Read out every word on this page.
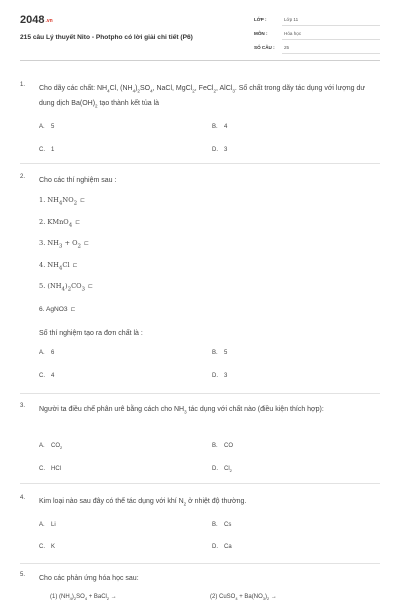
2048.vn
215 câu Lý thuyết Nito - Photpho có lời giải chi tiết (P6)
LỚP :	Lớp 11
MÔN :	Hóa học
SỐ CÂU : 25
1. Cho dãy các chất: $NH_4Cl$, $(NH_4)_2SO_4$, NaCl, MgCl$_2$, FeCl$_2$, AlCl$_3$. Số chất trong dãy tác dụng với lượng dư dung dịch $Ba(OH)_2$ tạo thành kết tủa là
A. 5	B. 4
C. 1	D. 3
2. Cho các thí nghiệm sau :
1. $NH_4NO_2$ ⊏
2. KMnO$_4$ ⊏
3. $NH_3 + O_2$ ⊏
4. $NH_4Cl$ ⊏
5. $(NH_4)_2CO_3$ ⊏
6. AgNO3 ⊏
Số thí nghiệm tạo ra đơn chất là :
A. 6	B. 5
C. 4	D. 3
3. Người ta điều chế phân urê bằng cách cho $NH_3$ tác dụng với chất nào (điều kiện thích hợp):
A. $CO_2$	B. CO
C. HCl	D. $Cl_2$
4. Kim loại nào sau đây có thể tác dụng với khí $N_2$ ở nhiệt độ thường.
A. Li	B. Cs
C. K	D. Ca
5. Cho các phản ứng hóa học sau:
(1) $(NH_4)_2SO_4$ + BaCl$_2$ →	(2) CuSO$_4$ + $Ba(NO_3)_2$ →
